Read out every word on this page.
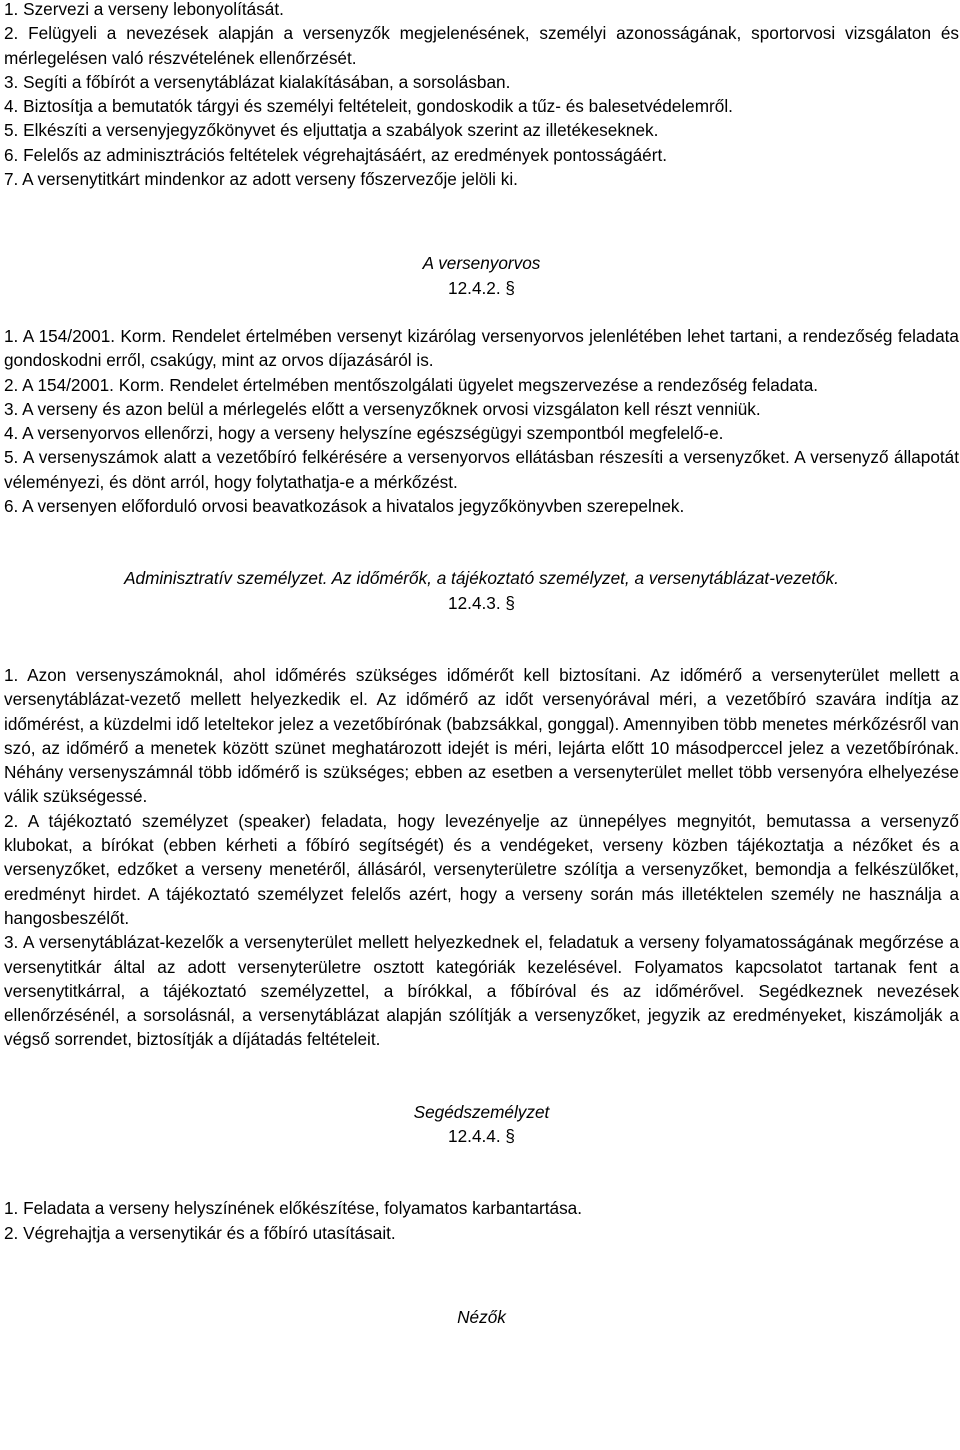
1. Szervezi a verseny lebonyolítását.

2. Felügyeli a nevezések alapján a versenyzők megjelenésének, személyi azonosságának, sportorvosi vizsgálaton és mérlegelésen való részvételének ellenőrzését.

3. Segíti a főbírót a versenytáblázat kialakításában, a sorsolásban.

4. Biztosítja a bemutatók tárgyi és személyi feltételeit, gondoskodik a tűz- és balesetvédelemről.

5. Elkészíti a versenyjegyzőkönyvet és eljuttatja a szabályok szerint az illetékeseknek.

6. Felelős az adminisztrációs feltételek végrehajtásáért, az eredmények pontosságáért.

7. A versenytitkárt mindenkor az adott verseny főszervezője jelöli ki.

A versenyorvos

12.4.2. §

1. A 154/2001. Korm. Rendelet értelmében versenyt kizárólag versenyorvos jelenlétében lehet tartani, a rendezőség feladata gondoskodni erről, csakúgy, mint az orvos díjazásáról is.

2. A 154/2001. Korm. Rendelet értelmében mentőszolgálati ügyelet megszervezése a rendezőség feladata.

3. A verseny és azon belül a mérlegelés előtt a versenyzőknek orvosi vizsgálaton kell részt venniük.

4. A versenyorvos ellenőrzi, hogy a verseny helyszíne egészségügyi szempontból megfelelő-e.

5. A versenyszámok alatt a vezetőbíró felkérésére a versenyorvos ellátásban részesíti a versenyzőket. A versenyző állapotát véleményezi, és dönt arról, hogy folytathatja-e a mérkőzést.

6. A versenyen előforduló orvosi beavatkozások a hivatalos jegyzőkönyvben szerepelnek.

Adminisztratív személyzet. Az időmérők, a tájékoztató személyzet, a versenytáblázat-vezetők.

12.4.3. §

1. Azon versenyszámoknál, ahol időmérés szükséges időmérőt kell biztosítani. Az időmérő a versenyterület mellett a versenytáblázat-vezető mellett helyezkedik el. Az időmérő az időt versenyórával méri, a vezetőbíró szavára indítja az időmérést, a küzdelmi idő leteltekor jelez a vezetőbírónak (babzsákkal, gonggal). Amennyiben több menetes mérkőzésről van szó, az időmérő a menetek között szünet meghatározott idejét is méri, lejárta előtt 10 másodperccel jelez a vezetőbírónak. Néhány versenyszámnál több időmérő is szükséges; ebben az esetben a versenyterület mellet több versenyóra elhelyezése válik szükségessé.

2. A tájékoztató személyzet (speaker) feladata, hogy levezényelje az ünnepélyes megnyitót, bemutassa a versenyző klubokat, a bírókat (ebben kérheti a főbíró segítségét) és a vendégeket, verseny közben tájékoztatja a nézőket és a versenyzőket, edzőket a verseny menetéről, állásáról, versenyterületre szólítja a versenyzőket, bemondja a felkészülőket, eredményt hirdet. A tájékoztató személyzet felelős azért, hogy a verseny során más illetéktelen személy ne használja a hangosbeszélőt.

3. A versenytáblázat-kezelők a versenyterület mellett helyezkednek el, feladatuk a verseny folyamatosságának megőrzése a versenytitkár által az adott versenyterületre osztott kategóriák kezelésével. Folyamatos kapcsolatot tartanak fent a versenytitkárral, a tájékoztató személyzettel, a bírókkal, a főbíróval és az időmérővel. Segédkeznek nevezések ellenőrzésénél, a sorsolásnál, a versenytáblázat alapján szólítják a versenyzőket, jegyzik az eredményeket, kiszámolják a végső sorrendet, biztosítják a díjátadás feltételeit.

Segédszemélyzet

12.4.4. §

1. Feladata a verseny helyszínének előkészítése, folyamatos karbantartása.

2. Végrehajtja a versenytikár és a főbíró utasításait.

Nézők
